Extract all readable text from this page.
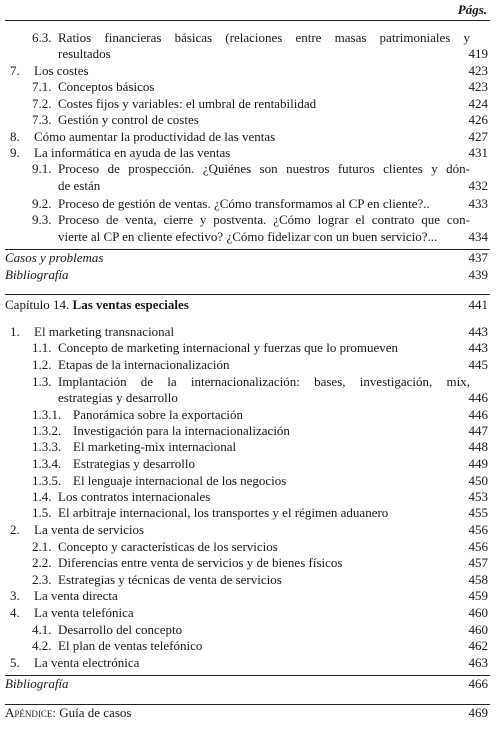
Págs.
6.3. Ratios financieras básicas (relaciones entre masas patrimoniales y
resultados	419
7. Los costes	423
7.1. Conceptos básicos	423
7.2. Costes fijos y variables: el umbral de rentabilidad	424
7.3. Gestión y control de costes	426
8. Cómo aumentar la productividad de las ventas	427
9. La informática en ayuda de las ventas	431
9.1. Proceso de prospección. ¿Quiénes son nuestros futuros clientes y dón-
de están	432
9.2. Proceso de gestión de ventas. ¿Cómo transformamos al CP en cliente?..	433
9.3. Proceso de venta, cierre y postventa. ¿Cómo lograr el contrato que con-
vierte al CP en cliente efectivo? ¿Cómo fidelizar con un buen servicio?... 434
Casos y problemas	437
Bibliografía	439
Capítulo 14. Las ventas especiales	441
1. El marketing transnacional	443
1.1. Concepto de marketing internacional y fuerzas que lo promueven	443
1.2. Etapas de la internacionalización	445
1.3. Implantación de la internacionalización: bases, investigación, mix,
estrategias y desarrollo	446
1.3.1. Panorámica sobre la exportación	446
1.3.2. Investigación para la internacionalización	447
1.3.3. El marketing-mix internacional	448
1.3.4. Estrategias y desarrollo	449
1.3.5. El lenguaje internacional de los negocios	450
1.4. Los contratos internacionales	453
1.5. El arbitraje internacional, los transportes y el régimen aduanero	455
2. La venta de servicios	456
2.1. Concepto y características de los servicios	456
2.2. Diferencias entre venta de servicios y de bienes físicos	457
2.3. Estrategias y técnicas de venta de servicios	458
3. La venta directa	459
4. La venta telefónica	460
4.1. Desarrollo del concepto	460
4.2. El plan de ventas telefónico	462
5. La venta electrónica	463
Bibliografía	466
Apéndice: Guía de casos	469
